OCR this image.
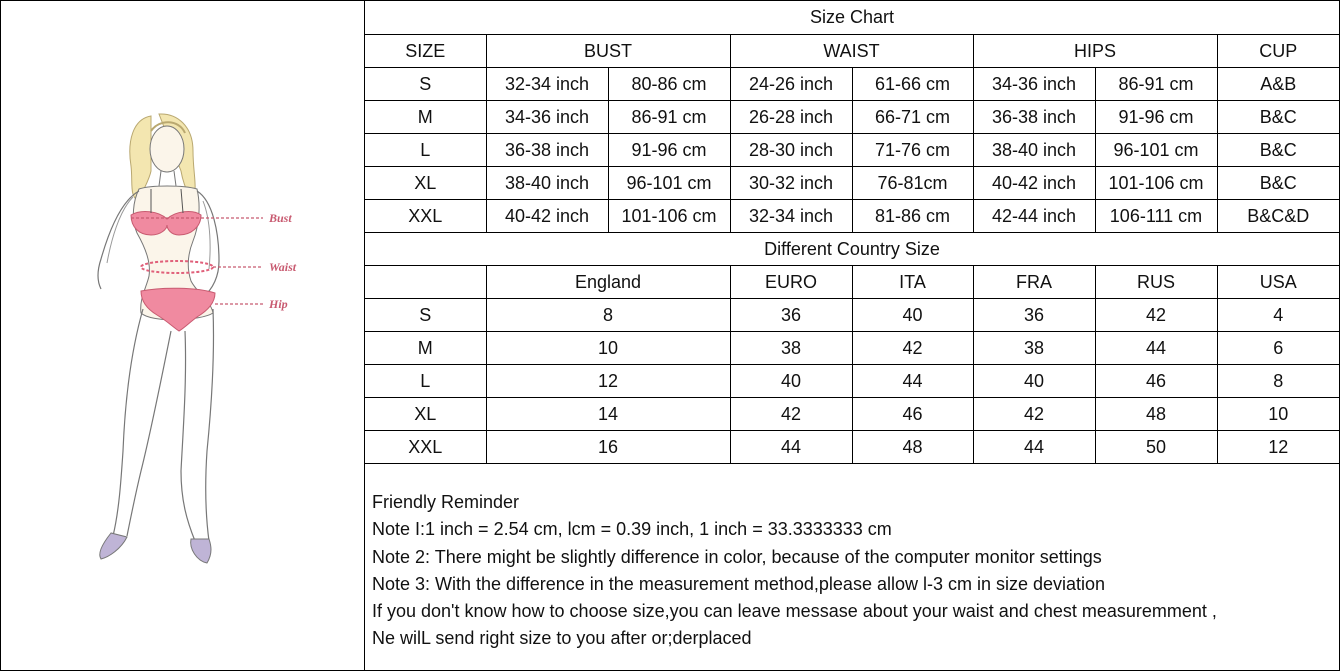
Bust
Waist
Hip
Size Chart							
SIZE	BUST		WAIST		HIPS		CUP
S	32-34 inch	80-86 cm	24-26 inch	61-66 cm	34-36 inch	86-91 cm	A&B
M	34-36 inch	86-91 cm	26-28 inch	66-71 cm	36-38 inch	91-96 cm	B&C
L	36-38 inch	91-96 cm	28-30 inch	71-76 cm	38-40 inch	96-101 cm	B&C
XL	38-40 inch	96-101 cm	30-32 inch	76-81cm	40-42 inch	101-106 cm	B&C
XXL	40-42 inch	101-106 cm	32-34 inch	81-86 cm	42-44 inch	106-111 cm	B&C&D
Different Country Size							
	England		EURO	ITA	FRA	RUS	USA
S	8		36	40	36	42	4
M	10		38	42	38	44	6
L	12		40	44	40	46	8
XL	14		42	46	42	48	10
XXL	16		44	48	44	50	12
Friendly Reminder
Note I:1 inch = 2.54 cm, lcm = 0.39 inch, 1 inch = 33.3333333 cm
Note 2: There might be slightly difference in color, because of the computer monitor settings
Note 3: With the difference in the measurement method,please allow l-3 cm in size deviation
If you don't know how to choose size,you can leave messase about your waist and chest measuremment ,
Ne wilL send right size to you after or;derplaced
